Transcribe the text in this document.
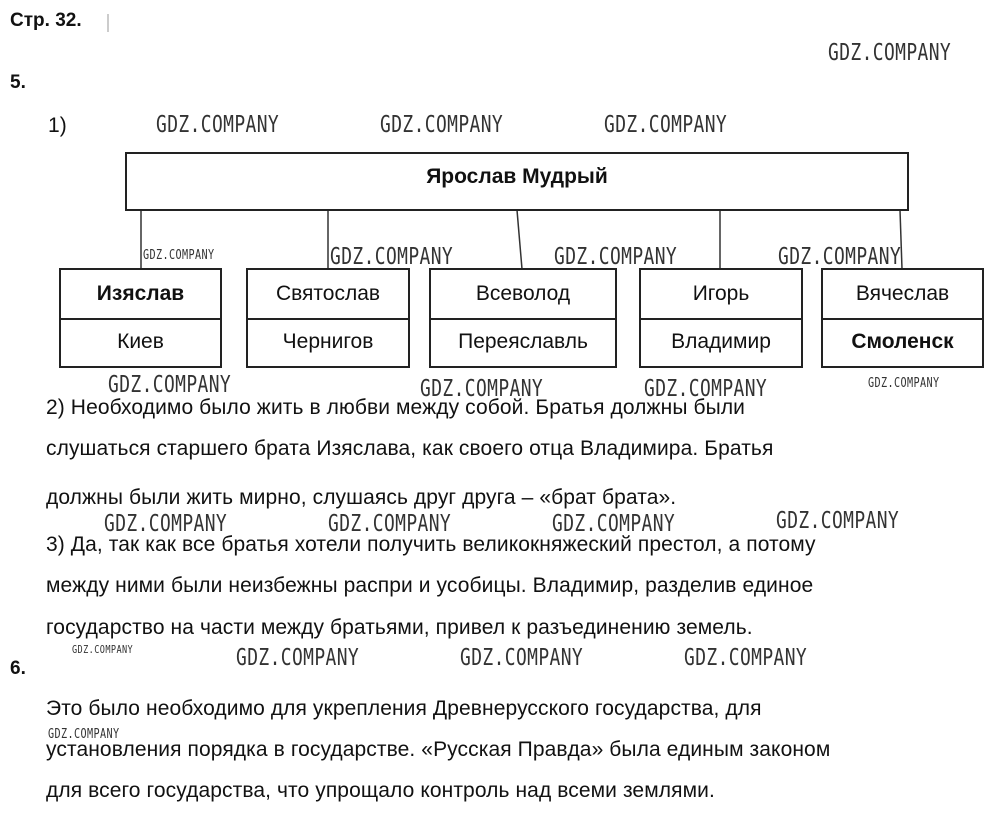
Стр. 32.
5.
1)
Ярослав Мудрый
Изяслав
Киев
Святослав
Чернигов
Всеволод
Переяславль
Игорь
Владимир
Вячеслав
Смоленск
2) Необходимо было жить в любви между собой. Братья должны были
слушаться старшего брата Изяслава, как своего отца Владимира. Братья
должны были жить мирно, слушаясь друг друга – «брат брата».
3) Да, так как все братья хотели получить великокняжеский престол, а потому
между ними были неизбежны распри и усобицы. Владимир, разделив единое
государство на части между братьями, привел к разъединению земель.
6.
Это было необходимо для укрепления Древнерусского государства, для
установления порядка в государстве. «Русская Правда» была единым законом
для всего государства, что упрощало контроль над всеми землями.
GDZ.COMPANY
GDZ.COMPANY	GDZ.COMPANY	GDZ.COMPANY
GDZ.COMPANY	GDZ.COMPANY	GDZ.COMPANY	GDZ.COMPANY
GDZ.COMPANY	GDZ.COMPANY	GDZ.COMPANY	GDZ.COMPANY
GDZ.COMPANY	GDZ.COMPANY	GDZ.COMPANY	GDZ.COMPANY
GDZ.COMPANY	GDZ.COMPANY	GDZ.COMPANY	GDZ.COMPANY
GDZ.COMPANY
